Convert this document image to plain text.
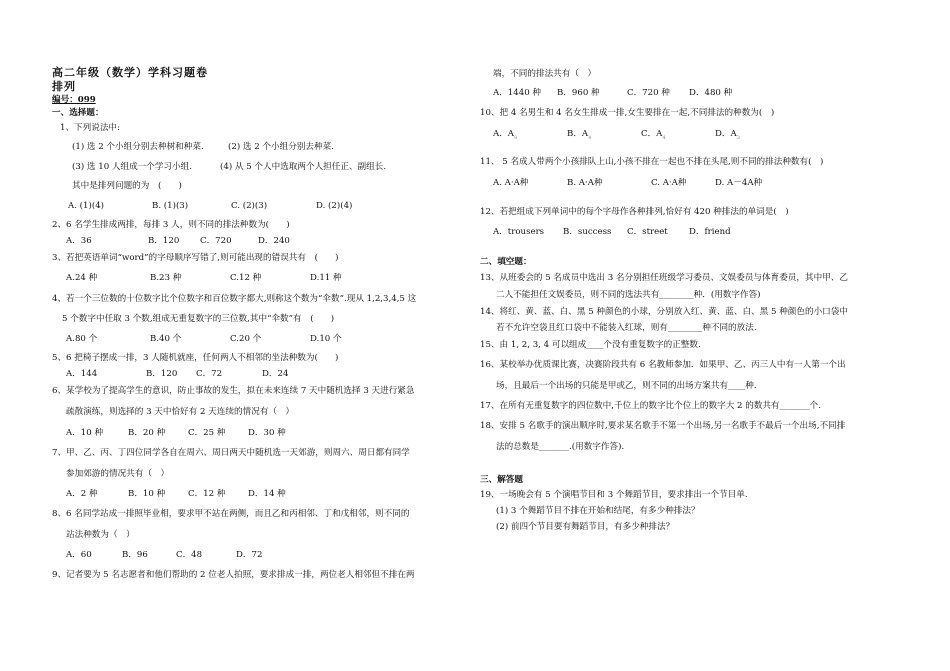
高二年级（数学）学科习题卷
排列
编号：099
一、选择题：
1、下列说法中:
(1) 选 2 个小组分别去种树和种菜.	(2) 选 2 个小组分别去种菜.
(3) 选 10 人组成一个学习小组.	(4) 从 5 个人中选取两个人担任正、副组长.
其中是排列问题的为　(　　)
A. (1)(4)	B. (1)(3)	C. (2)(3)	D. (2)(4)
2、6 名学生排成两排，每排 3 人，则不同的排法种数为(　　)
A．36	B．120 C．720	D．240
3、若把英语单词“word”的字母顺序写错了,则可能出现的错误共有　(　　)
A.24 种	B.23 种	C.12 种	D.11 种
4、若一个三位数的十位数字比个位数字和百位数字都大,则称这个数为“伞数”.现从 1,2,3,4,5 这
5 个数字中任取 3 个数,组成无重复数字的三位数,其中“伞数”有　(　　)
A.80 个	B.40 个	C.20 个	D.10 个
5、6 把椅子摆成一排，3 人随机就座，任何两人不相邻的坐法种数为(　　)
A．144	B．120 C．72	D．24
6、某学校为了提高学生的意识，防止事故的发生，拟在未来连续 7 天中随机选择 3 天进行紧急
疏散演练，则选择的 3 天中恰好有 2 天连续的情况有（　）
A．10 种	B．20 种	C．25 种	D．30 种
7、甲、乙、丙、丁四位同学各自在周六、周日两天中随机选一天郊游，则周六、周日都有同学
参加郊游的情况共有（　）
A．2 种	B．10 种	C．12 种	D．14 种
8、6 名同学站成一排照毕业相，要求甲不站在两侧，而且乙和丙相邻、丁和戊相邻，则不同的
站法种数为（　）
A．60	B．96	C．48	D．72
9、记者要为 5 名志愿者和他们帮助的 2 位老人拍照，要求排成一排，两位老人相邻但不排在两
端，不同的排法共有（　）
A．1440 种 B．960 种	C．720 种 D．480 种
10、把 4 名男生和 4 名女生排成一排,女生要排在一起,不同排法的种数为(　)
A．$A_8$	B．$A_4$	C．$A_4$	D．$A_3$
11、 5 名成人带两个小孩排队上山,小孩不排在一起也不排在头尾,则不同的排法种数有(　)
A. A·A种	B. A·A种	C. A·A种	D. A－4A种
12、若把组成下列单词中的每个字母作各种排列,恰好有 420 种排法的单词是(　)
A．trousers B．success C．street D．friend
二、填空题：
13、从班委会的 5 名成员中选出 3 名分别担任班级学习委员、文娱委员与体育委员，其中甲、乙
二人不能担任文娱委员，则不同的选法共有________种．(用数字作答)
14、将红、黄、蓝、白、黑 5 种颜色的小球，分别放入红、黄、蓝、白、黑 5 种颜色的小口袋中
若不允许空袋且红口袋中不能装入红球，则有________种不同的放法.
15、由 1, 2, 3, 4 可以组成____个没有重复数字的正整数.
16、某校举办优质课比赛，决赛阶段共有 6 名教师参加．如果甲、乙、丙三人中有一人第一个出
场，且最后一个出场的只能是甲或乙，则不同的出场方案共有____种.
17、在所有无重复数字的四位数中,千位上的数字比个位上的数字大 2 的数共有_______个.
18、安排 5 名歌手的演出顺序时,要求某名歌手不第一个出场,另一名歌手不最后一个出场,不同排
法的总数是_______.(用数字作答).
三、解答题
19、一场晚会有 5 个演唱节目和 3 个舞蹈节目，要求排出一个节目单.
(1) 3 个舞蹈节目不排在开始和结尾，有多少种排法？
(2) 前四个节目要有舞蹈节目，有多少种排法？
